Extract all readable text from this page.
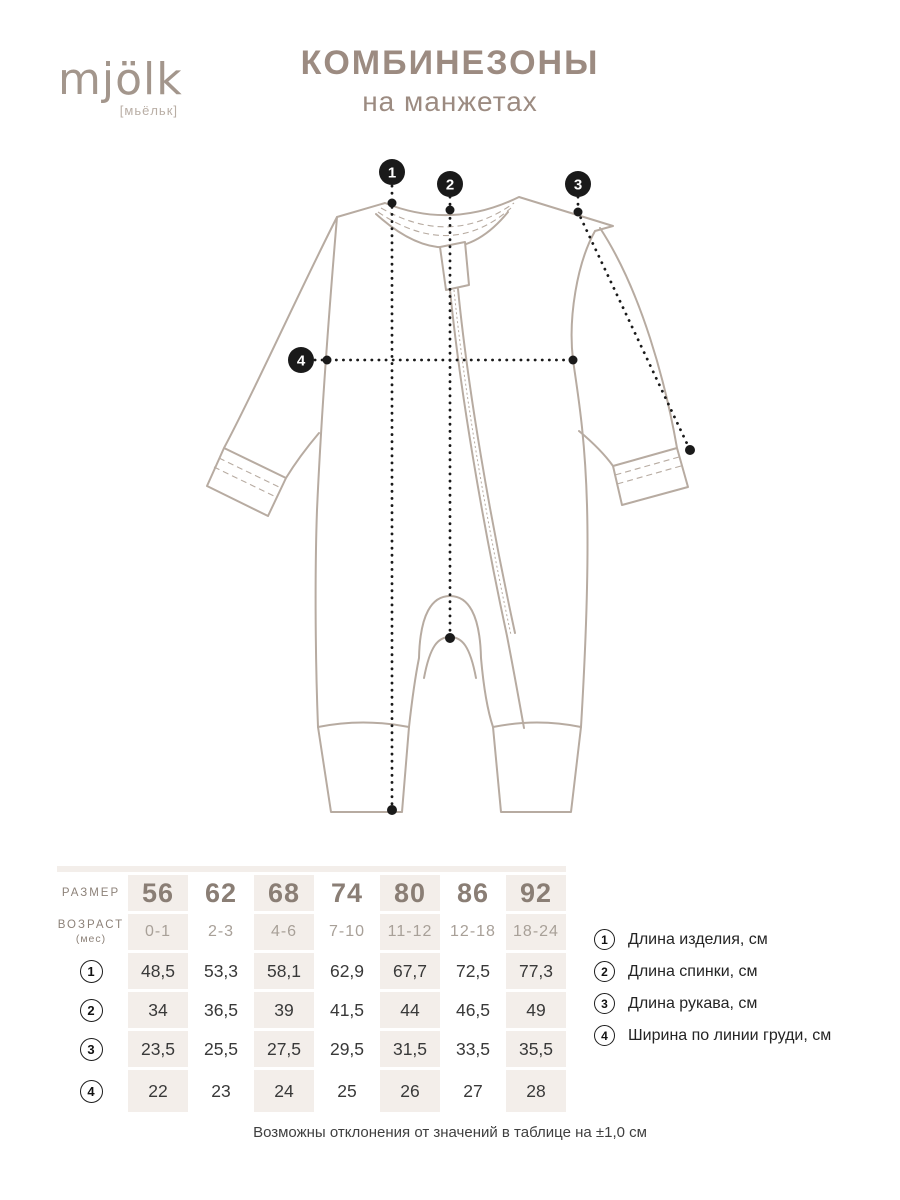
mjölk
[мьёльк]
КОМБИНЕЗОНЫ
на манжетах
1
2	3
4
РАЗМЕР 56	62	68	74	80	86	92
ВОЗРАСТ
(мес)	0-1	2-3	4-6	7-10	11-12	12-18	18-24
1	48,5	53,3	58,1	62,9	67,7	72,5	77,3
2	34	36,5	39	41,5	44	46,5	49
3	23,5	25,5	27,5	29,5	31,5	33,5	35,5
4	22	23	24	25	26	27	28
1	Длина изделия, см
2	Длина спинки, см
3	Длина рукава, см
4	Ширина по линии груди, см
Возможны отклонения от значений в таблице на ±1,0 см
